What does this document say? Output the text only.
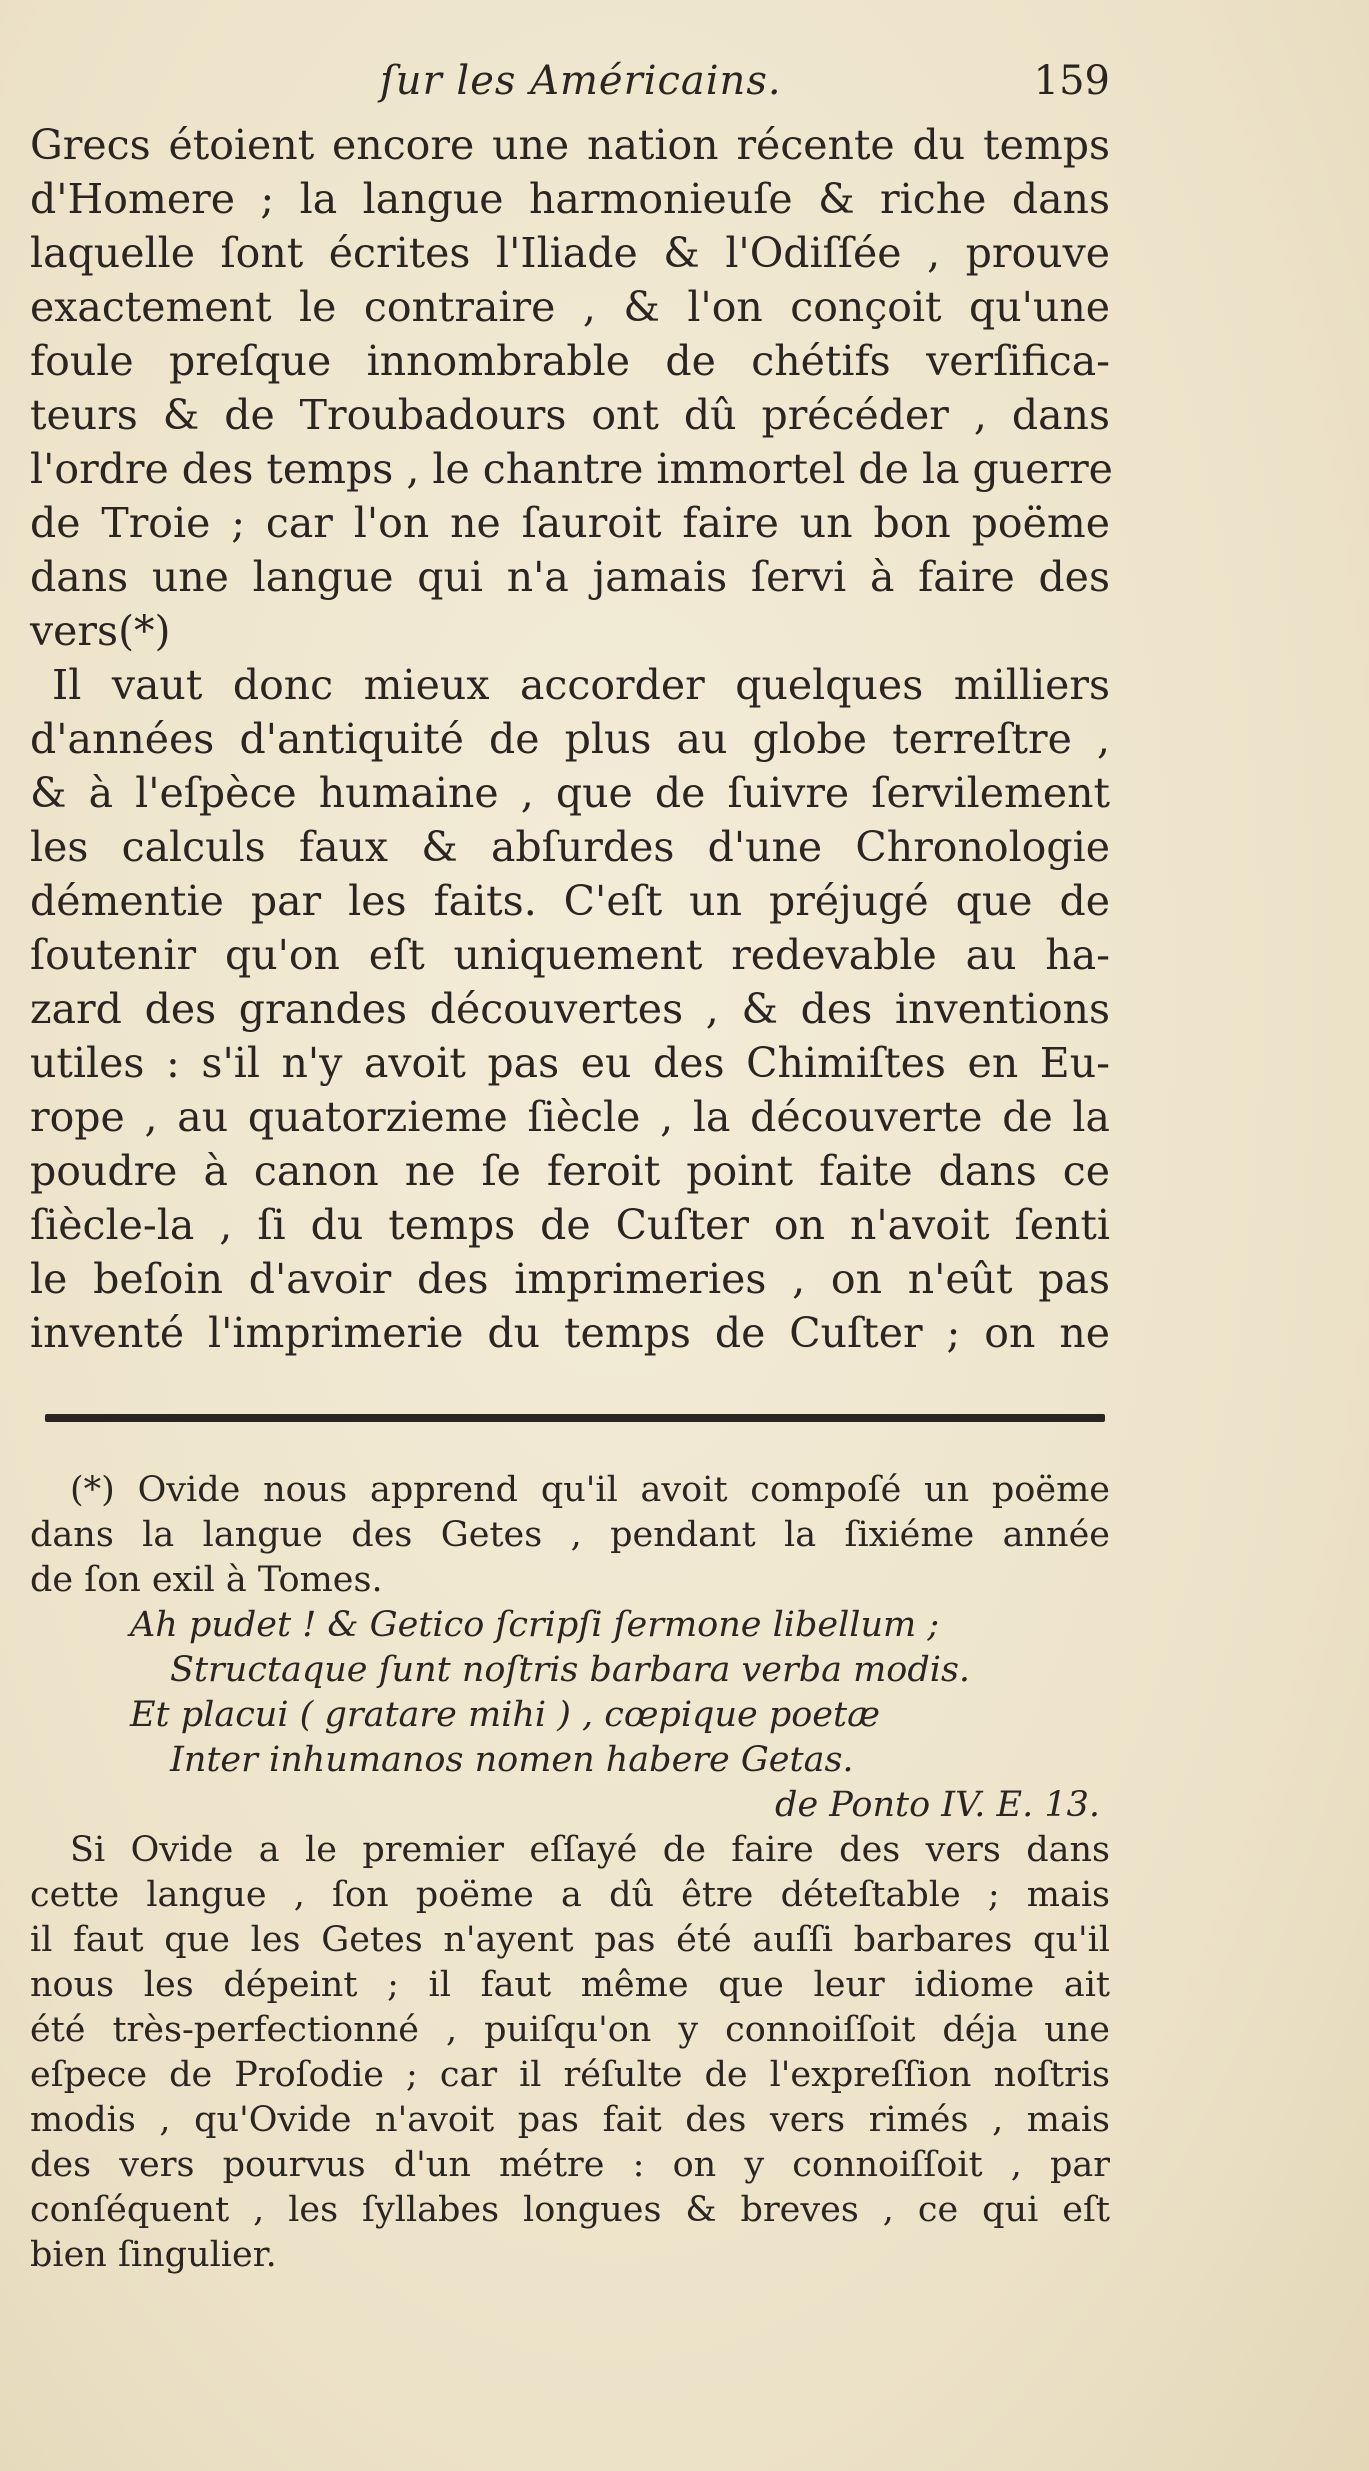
ſur les Américains.	159
Grecs étoient encore une nation récente du temps
d'Homere ; la langue harmonieuſe & riche dans
laquelle ſont écrites l'Iliade & l'Odiſſée , prouve
exactement le contraire , & l'on conçoit qu'une
foule preſque innombrable de chétifs verſifica-
teurs & de Troubadours ont dû précéder , dans
l'ordre des temps , le chantre immortel de la guerre
de Troie ; car l'on ne ſauroit faire un bon poëme
dans une langue qui n'a jamais ſervi à faire des
vers(*)
Il vaut donc mieux accorder quelques milliers
d'années d'antiquité de plus au globe terreſtre ,
& à l'eſpèce humaine , que de ſuivre ſervilement
les calculs faux & abſurdes d'une Chronologie
démentie par les faits. C'eſt un préjugé que de
ſoutenir qu'on eſt uniquement redevable au ha-
zard des grandes découvertes , & des inventions
utiles : s'il n'y avoit pas eu des Chimiſtes en Eu-
rope , au quatorzieme ſiècle , la découverte de la
poudre à canon ne ſe feroit point faite dans ce
ſiècle-la , ſi du temps de Cuſter on n'avoit ſenti
le beſoin d'avoir des imprimeries , on n'eût pas
inventé l'imprimerie du temps de Cuſter ; on ne
(*) Ovide nous apprend qu'il avoit compoſé un poëme
dans la langue des Getes , pendant la ſixiéme année
de ſon exil à Tomes.
Ah pudet ! & Getico ſcripſi ſermone libellum ;
Structaque ſunt noſtris barbara verba modis.
Et placui ( gratare mihi ) , cœpique poetæ
Inter inhumanos nomen habere Getas.
de Ponto IV. E. 13.
Si Ovide a le premier eſſayé de faire des vers dans
cette langue , ſon poëme a dû être déteſtable ; mais
il faut que les Getes n'ayent pas été auſſi barbares qu'il
nous les dépeint ; il faut même que leur idiome ait
été très-perfectionné , puiſqu'on y connoiſſoit déja une
eſpece de Proſodie ; car il réſulte de l'expreſſion noſtris
modis , qu'Ovide n'avoit pas fait des vers rimés , mais
des vers pourvus d'un métre : on y connoiſſoit , par
conſéquent , les ſyllabes longues & breves , ce qui eſt
bien ſingulier.
